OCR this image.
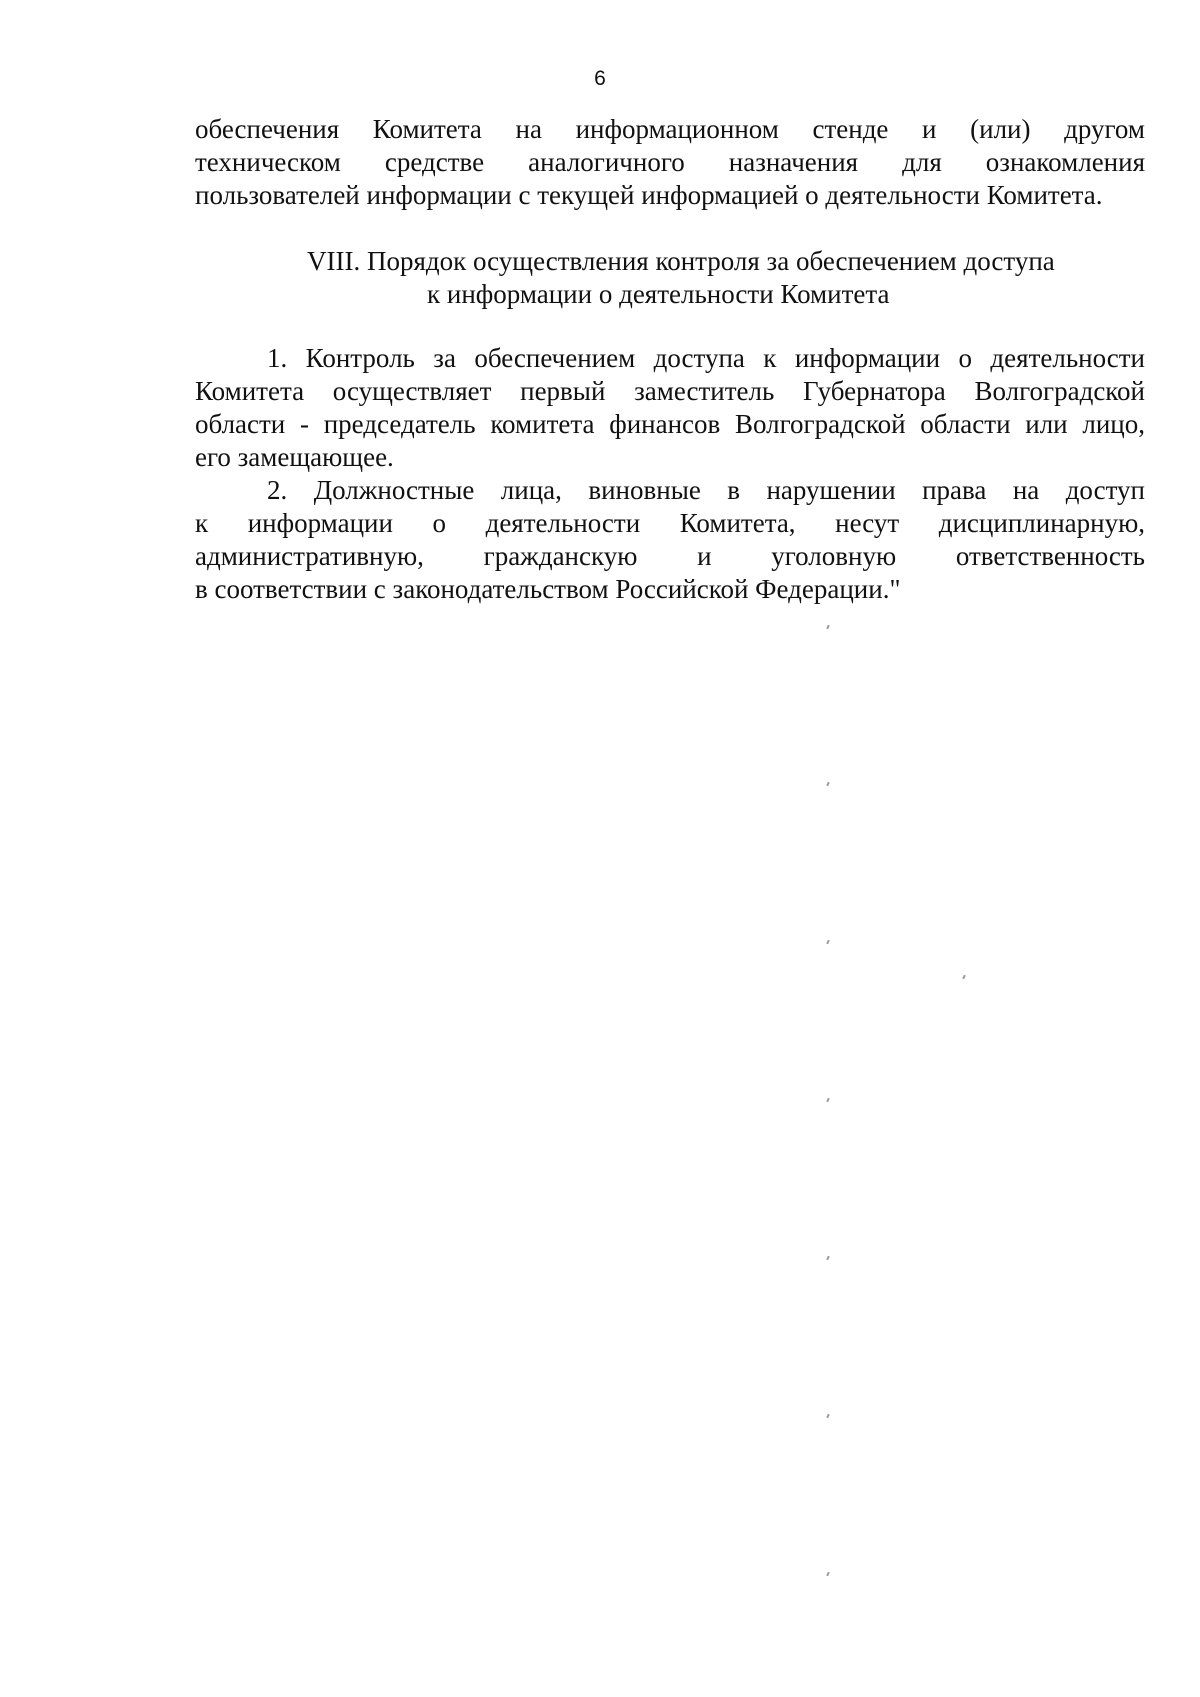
6
обеспечения Комитета на информационном стенде и (или) другом
техническом средстве аналогичного назначения для ознакомления
пользователей информации с текущей информацией о деятельности Комитета.
VIII. Порядок осуществления контроля за обеспечением доступа
к информации о деятельности Комитета
1. Контроль за обеспечением доступа к информации о деятельности
Комитета осуществляет первый заместитель Губернатора Волгоградской
области - председатель комитета финансов Волгоградской области или лицо,
его замещающее.
2. Должностные лица, виновные в нарушении права на доступ
к информации о деятельности Комитета, несут дисциплинарную,
административную, гражданскую и уголовную ответственность
в соответствии с законодательством Российской Федерации."
